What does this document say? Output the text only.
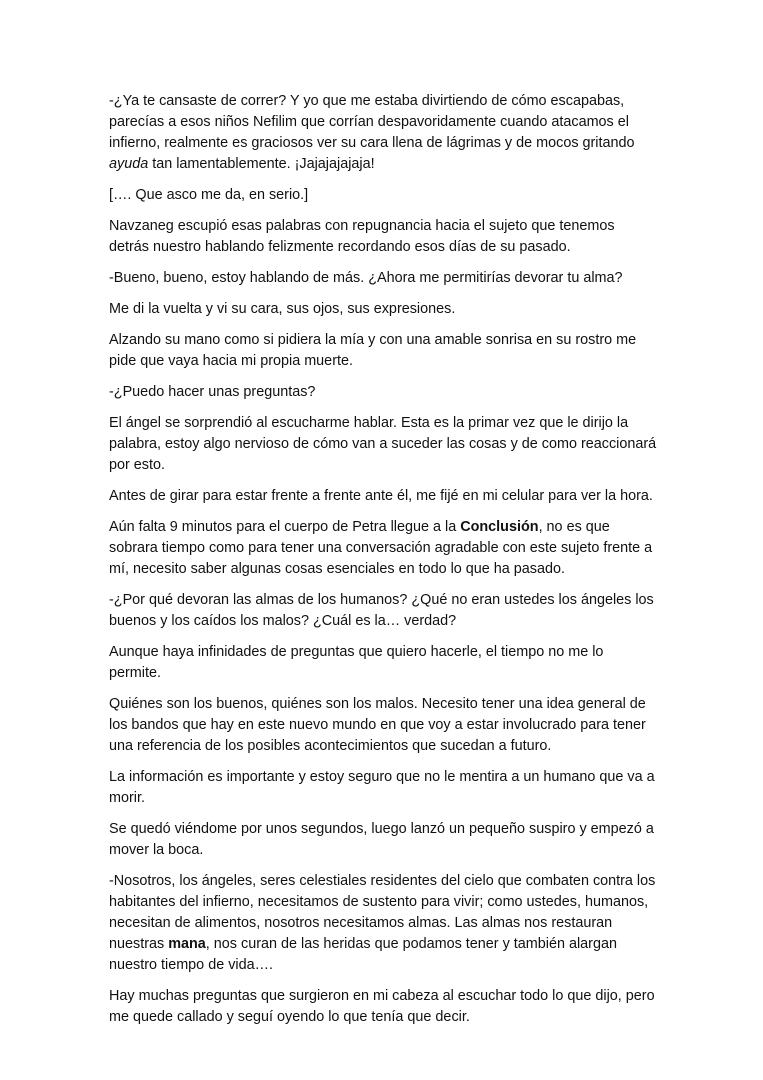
-¿Ya te cansaste de correr? Y yo que me estaba divirtiendo de cómo escapabas, parecías a esos niños Nefilim que corrían despavoridamente cuando atacamos el infierno, realmente es graciosos ver su cara llena de lágrimas y de mocos gritando ayuda tan lamentablemente. ¡Jajajajajaja!

[…. Que asco me da, en serio.]

Navzaneg escupió esas palabras con repugnancia hacia el sujeto que tenemos detrás nuestro hablando felizmente recordando esos días de su pasado.

-Bueno, bueno, estoy hablando de más. ¿Ahora me permitirías devorar tu alma?

Me di la vuelta y vi su cara, sus ojos, sus expresiones.

Alzando su mano como si pidiera la mía y con una amable sonrisa en su rostro me pide que vaya hacia mi propia muerte.

-¿Puedo hacer unas preguntas?

El ángel se sorprendió al escucharme hablar. Esta es la primar vez que le dirijo la palabra, estoy algo nervioso de cómo van a suceder las cosas y de como reaccionará por esto.

Antes de girar para estar frente a frente ante él, me fijé en mi celular para ver la hora.

Aún falta 9 minutos para el cuerpo de Petra llegue a la Conclusión, no es que sobrara tiempo como para tener una conversación agradable con este sujeto frente a mí, necesito saber algunas cosas esenciales en todo lo que ha pasado.

-¿Por qué devoran las almas de los humanos? ¿Qué no eran ustedes los ángeles los buenos y los caídos los malos? ¿Cuál es la… verdad?

Aunque haya infinidades de preguntas que quiero hacerle, el tiempo no me lo permite.

Quiénes son los buenos, quiénes son los malos. Necesito tener una idea general de los bandos que hay en este nuevo mundo en que voy a estar involucrado para tener una referencia de los posibles acontecimientos que sucedan a futuro.

La información es importante y estoy seguro que no le mentira a un humano que va a morir.

Se quedó viéndome por unos segundos, luego lanzó un pequeño suspiro y empezó a mover la boca.

-Nosotros, los ángeles, seres celestiales residentes del cielo que combaten contra los habitantes del infierno, necesitamos de sustento para vivir; como ustedes, humanos, necesitan de alimentos, nosotros necesitamos almas. Las almas nos restauran nuestras mana, nos curan de las heridas que podamos tener y también alargan nuestro tiempo de vida….

Hay muchas preguntas que surgieron en mi cabeza al escuchar todo lo que dijo, pero me quede callado y seguí oyendo lo que tenía que decir.
